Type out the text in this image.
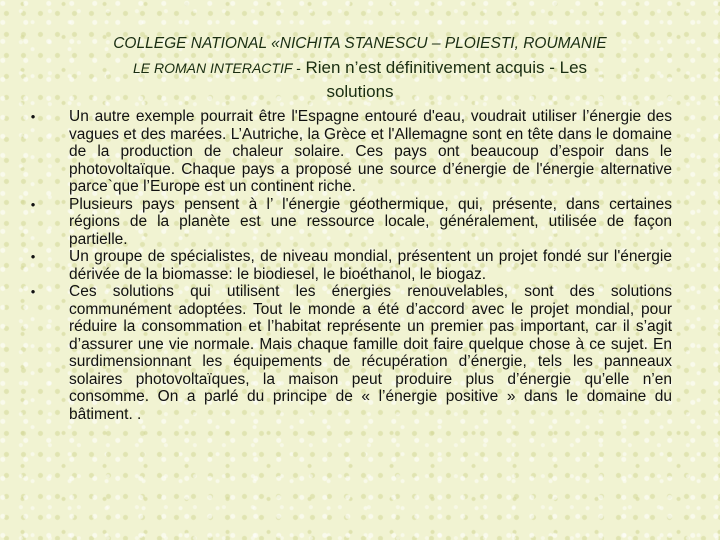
COLLEGE NATIONAL «NICHITA STANESCU – PLOIESTI, ROUMANIE
LE ROMAN INTERACTIF - Rien n’est définitivement acquis - Les
solutions
• Un autre exemple pourrait être l'Espagne entouré d'eau, voudrait utiliser l’énergie des vagues et des marées. L’Autriche, la Grèce et l'Allemagne sont en tête dans le domaine de la production de chaleur solaire. Ces pays ont beaucoup d’espoir dans le photovoltaïque. Chaque pays a proposé une source d’énergie de l'énergie alternative parce`que l’Europe est un continent riche.
• Plusieurs pays pensent à l’ l'énergie géothermique, qui, présente, dans certaines régions de la planète est une ressource locale, généralement, utilisée de façon partielle.
• Un groupe de spécialistes, de niveau mondial, présentent un projet fondé sur l'énergie dérivée de la biomasse: le biodiesel, le bioéthanol, le biogaz.
• Ces solutions qui utilisent les énergies renouvelables, sont des solutions communément adoptées. Tout le monde a été d’accord avec le projet mondial, pour réduire la consommation et l’habitat représente un premier pas important, car il s’agit d’assurer une vie normale. Mais chaque famille doit faire quelque chose à ce sujet. En surdimensionnant les équipements de récupération d’énergie, tels les panneaux solaires photovoltaïques, la maison peut produire plus d’énergie qu’elle n’en consomme. On a parlé du principe de « l’énergie positive » dans le domaine du bâtiment. .
